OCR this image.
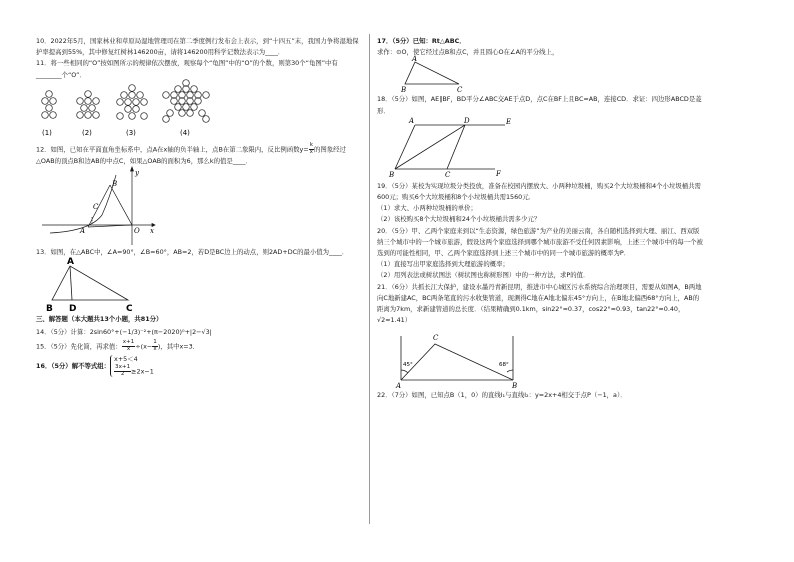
10．2022年5月，国家林业和草原局湿地管理司在第二季度例行发布会上表示，到“十四五”末，我国力争将湿地保护率提高到55%，其中修复红树林146200亩，请将146200用科学记数法表示为____．

11．将一些相同的“O”按如图所示的规律依次摆放，观察每个“龟图”中的“O”的个数，则第30个“龟图”中有________个“O”．

(1)	(2)	(3)	(4)

12．如图，已知在平面直角坐标系中，点A在x轴的负半轴上，点B在第二象限内，反比例函数$y= \frac{k}{x}$ 的图象经过△OAB的顶点B和边AB的中点C，如果△OAB的面积为6，那么k的值是____．

y
B
C
A	O x

13．如图，在△ABC中，∠A=90°，∠B=60°，AB=2，若D是BC边上的动点，则2AD+DC的最小值为____．

A
B D	C

三、解答题（本大题共13个小题，共81分）

14．（5分）计算：2sin60°+(−1/3)⁻²+(π−2020)⁰+|2−√3|

15．（5分）先化简，再求值： $\frac{x+1}{x} \div(x- \frac{1}{x}$ )，其中x=3．

16．（5分）解不等式组：x+5＜4

$\frac{3x+1}{2} \ge 2x-1$

17．（5分）已知：Rt△ABC．

求作：⊙O，使它经过点B和点C，并且圆心O在∠A的平分线上，

A
B	C

18．（5分）如图，AE∥BF，BD平分∠ABC交AE于点D，点C在BF上且BC=AB，连接CD．求证：四边形ABCD是菱形．

A	D	E
B	C	F

19．（5分）某校为实现垃圾分类投放，准备在校园内摆放大、小两种垃圾桶，购买2个大垃圾桶和4个小垃圾桶共需600元；购买6个大垃圾桶和8个小垃圾桶共需1560元．

（1）求大、小两种垃圾桶的单价；

（2）该校购买8个大垃圾桶和24个小垃圾桶共需多少元？

20．（5分）甲、乙两个家庭来到以“生态资源，绿色旅游”为产业的美丽云南，各自随机选择到大理、丽江、西双版纳三个城市中的一个城市旅游，假设这两个家庭选择到哪个城市旅游不受任何因素影响，上述三个城市中的每一个被选到的可能性相同，甲、乙两个家庭选择到上述三个城市中的同一个城市旅游的概率为P．

（1）直接写出甲家庭选择到大理旅游的概率；

（2）用列表法或树状图法（树状图也称树形图）中的一种方法，求P的值．

21．（6分）共抓长江大保护，建设水墨丹青新昆明，推进市中心城区污水系统综合治理项目，需要从如图A，B两地向C地新建AC，BC两条笔直的污水收集管道，现测得C地在A地北偏东45°方向上，在B地北偏西68°方向上，AB的距离为7km，求新建管道的总长度．（结果精确到0.1km，sin22°≈0.37，cos22°≈0.93，tan22°≈0.40，√2≈1.41）

C
A	B
45°	68°

22．（7分）如图，已知点B（1，0）的直线l₁与直线l₂：y=2x+4相交于点P（−1，a）．
